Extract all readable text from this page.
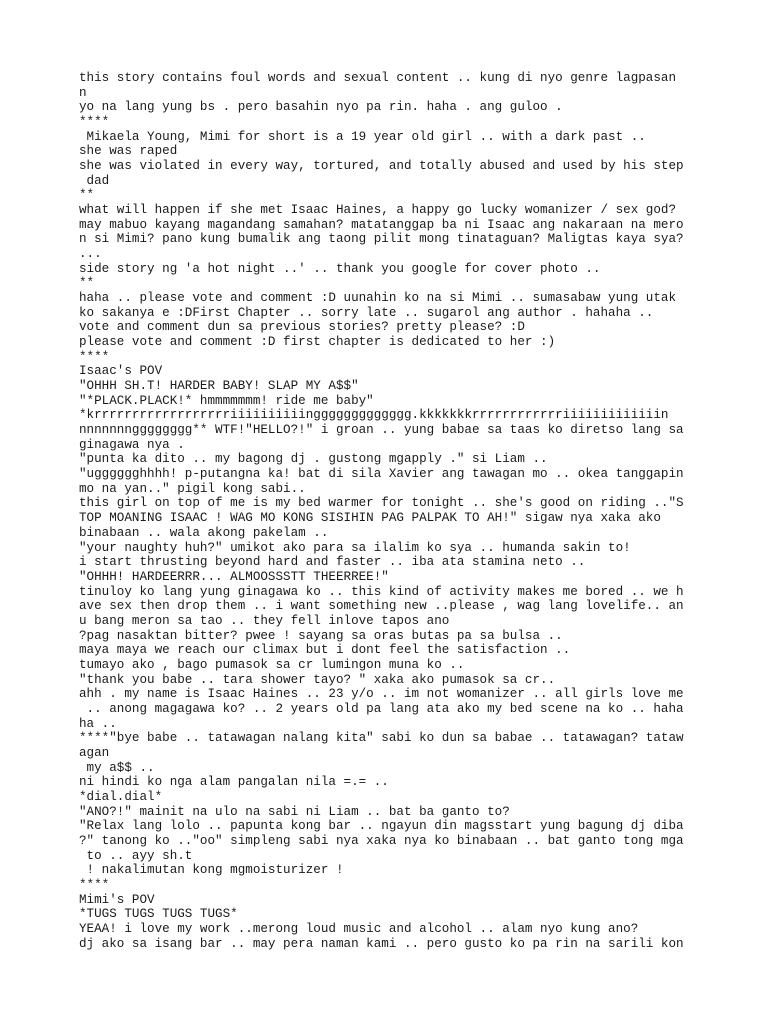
this story contains foul words and sexual content .. kung di nyo genre lagpasan
n
yo na lang yung bs . pero basahin nyo pa rin. haha . ang guloo .
****
Mikaela Young, Mimi for short is a 19 year old girl .. with a dark past ..
she was raped
she was violated in every way, tortured, and totally abused and used by his step
dad
**
what will happen if she met Isaac Haines, a happy go lucky womanizer / sex god?
may mabuo kayang magandang samahan? matatanggap ba ni Isaac ang nakaraan na mero
n si Mimi? pano kung bumalik ang taong pilit mong tinataguan? Maligtas kaya sya?
...
side story ng 'a hot night ..' .. thank you google for cover photo ..
**
haha .. please vote and comment :D uunahin ko na si Mimi .. sumasabaw yung utak
ko sakanya e :DFirst Chapter .. sorry late .. sugarol ang author . hahaha ..
vote and comment dun sa previous stories? pretty please? :D
please vote and comment :D first chapter is dedicated to her :)
****
Isaac's POV
"OHHH SH.T! HARDER BABY! SLAP MY A$$"
"*PLACK.PLACK!* hmmmmmmm! ride me baby"
*krrrrrrrrrrrrrrrrrriiiiiiiiiinggggggggggggg.kkkkkkkrrrrrrrrrrrriiiiiiiiiiiiin
nnnnnnngggggggg** WTF!"HELLO?!" i groan .. yung babae sa taas ko diretso lang sa
ginagawa nya .
"punta ka dito .. my bagong dj . gustong mgapply ." si Liam ..
"ugggggghhhh! p-putangna ka! bat di sila Xavier ang tawagan mo .. okea tanggapin
mo na yan.." pigil kong sabi..
this girl on top of me is my bed warmer for tonight .. she's good on riding .."S
TOP MOANING ISAAC ! WAG MO KONG SISIHIN PAG PALPAK TO AH!" sigaw nya xaka ako
binabaan .. wala akong pakelam ..
"your naughty huh?" umikot ako para sa ilalim ko sya .. humanda sakin to!
i start thrusting beyond hard and faster .. iba ata stamina neto ..
"OHHH! HARDEERRR... ALMOOSSSTT THEERREE!"
tinuloy ko lang yung ginagawa ko .. this kind of activity makes me bored .. we h
ave sex then drop them .. i want something new ..please , wag lang lovelife.. an
u bang meron sa tao .. they fell inlove tapos ano
?pag nasaktan bitter? pwee ! sayang sa oras butas pa sa bulsa ..
maya maya we reach our climax but i dont feel the satisfaction ..
tumayo ako , bago pumasok sa cr lumingon muna ko ..
"thank you babe .. tara shower tayo? " xaka ako pumasok sa cr..
ahh . my name is Isaac Haines .. 23 y/o .. im not womanizer .. all girls love me
.. anong magagawa ko? .. 2 years old pa lang ata ako my bed scene na ko .. haha
ha ..
****"bye babe .. tatawagan nalang kita" sabi ko dun sa babae .. tatawagan? tataw
agan
my a$$ ..
ni hindi ko nga alam pangalan nila =.= ..
*dial.dial*
"ANO?!" mainit na ulo na sabi ni Liam .. bat ba ganto to?
"Relax lang lolo .. papunta kong bar .. ngayun din magsstart yung bagung dj diba
?" tanong ko .."oo" simpleng sabi nya xaka nya ko binabaan .. bat ganto tong mga
to .. ayy sh.t
! nakalimutan kong mgmoisturizer !
****
Mimi's POV
*TUGS TUGS TUGS TUGS*
YEAA! i love my work ..merong loud music and alcohol .. alam nyo kung ano?
dj ako sa isang bar .. may pera naman kami .. pero gusto ko pa rin na sarili kon
